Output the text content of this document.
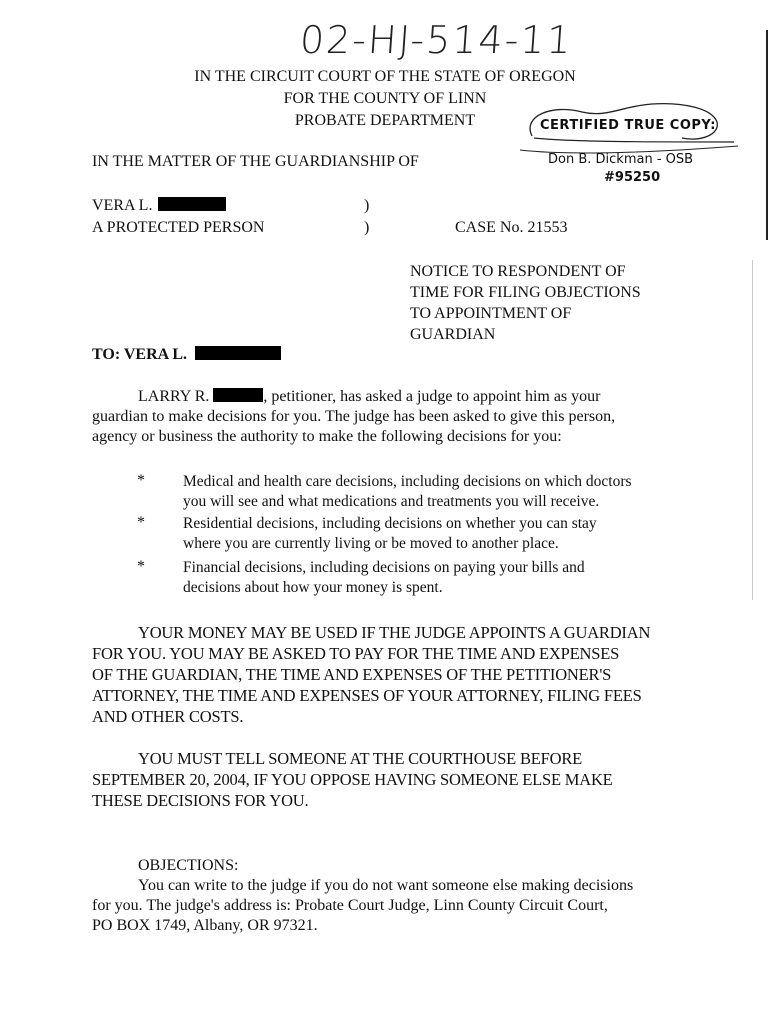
02-HJ-514-11
IN THE CIRCUIT COURT OF THE STATE OF OREGON
FOR THE COUNTY OF LINN
PROBATE DEPARTMENT	CERTIFIED TRUE COPY:
Don B. Dickman - OSB
#95250
IN THE MATTER OF THE GUARDIANSHIP OF
VERA L.
A PROTECTED PERSON
)
)	CASE No. 21553
NOTICE TO RESPONDENT OF
TIME FOR FILING OBJECTIONS
TO APPOINTMENT OF
GUARDIAN
TO: VERA L.
LARRY R.	, petitioner, has asked a judge to appoint him as your
guardian to make decisions for you. The judge has been asked to give this person,
agency or business the authority to make the following decisions for you:
* Medical and health care decisions, including decisions on which doctors
you will see and what medications and treatments you will receive.
* Residential decisions, including decisions on whether you can stay
where you are currently living or be moved to another place.
* Financial decisions, including decisions on paying your bills and
decisions about how your money is spent.
YOUR MONEY MAY BE USED IF THE JUDGE APPOINTS A GUARDIAN
FOR YOU. YOU MAY BE ASKED TO PAY FOR THE TIME AND EXPENSES
OF THE GUARDIAN, THE TIME AND EXPENSES OF THE PETITIONER'S
ATTORNEY, THE TIME AND EXPENSES OF YOUR ATTORNEY, FILING FEES
AND OTHER COSTS.
YOU MUST TELL SOMEONE AT THE COURTHOUSE BEFORE
SEPTEMBER 20, 2004, IF YOU OPPOSE HAVING SOMEONE ELSE MAKE
THESE DECISIONS FOR YOU.
OBJECTIONS:
You can write to the judge if you do not want someone else making decisions
for you. The judge's address is: Probate Court Judge, Linn County Circuit Court,
PO BOX 1749, Albany, OR 97321.
